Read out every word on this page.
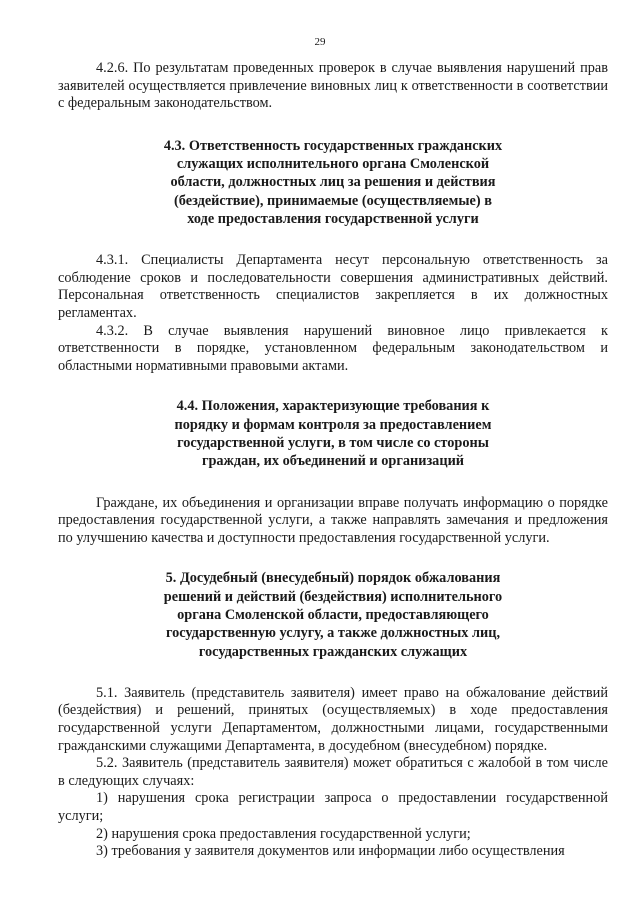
29

4.2.6. По результатам проведенных проверок в случае выявления нарушений прав заявителей осуществляется привлечение виновных лиц к ответственности в соответствии с федеральным законодательством.

4.3. Ответственность государственных гражданских
служащих исполнительного органа Смоленской
области, должностных лиц за решения и действия
(бездействие), принимаемые (осуществляемые) в
ходе предоставления государственной услуги

4.3.1. Специалисты Департамента несут персональную ответственность за соблюдение сроков и последовательности совершения административных действий. Персональная ответственность специалистов закрепляется в их должностных регламентах.

4.3.2. В случае выявления нарушений виновное лицо привлекается к ответственности в порядке, установленном федеральным законодательством и областными нормативными правовыми актами.

4.4. Положения, характеризующие требования к
порядку и формам контроля за предоставлением
государственной услуги, в том числе со стороны
граждан, их объединений и организаций

Граждане, их объединения и организации вправе получать информацию о порядке предоставления государственной услуги, а также направлять замечания и предложения по улучшению качества и доступности предоставления государственной услуги.

5. Досудебный (внесудебный) порядок обжалования
решений и действий (бездействия) исполнительного
органа Смоленской области, предоставляющего
государственную услугу, а также должностных лиц,
государственных гражданских служащих

5.1. Заявитель (представитель заявителя) имеет право на обжалование действий (бездействия) и решений, принятых (осуществляемых) в ходе предоставления государственной услуги Департаментом, должностными лицами, государственными гражданскими служащими Департамента, в досудебном (внесудебном) порядке.

5.2. Заявитель (представитель заявителя) может обратиться с жалобой в том числе в следующих случаях:

1) нарушения срока регистрации запроса о предоставлении государственной услуги;

2) нарушения срока предоставления государственной услуги;

3) требования у заявителя документов или информации либо осуществления
